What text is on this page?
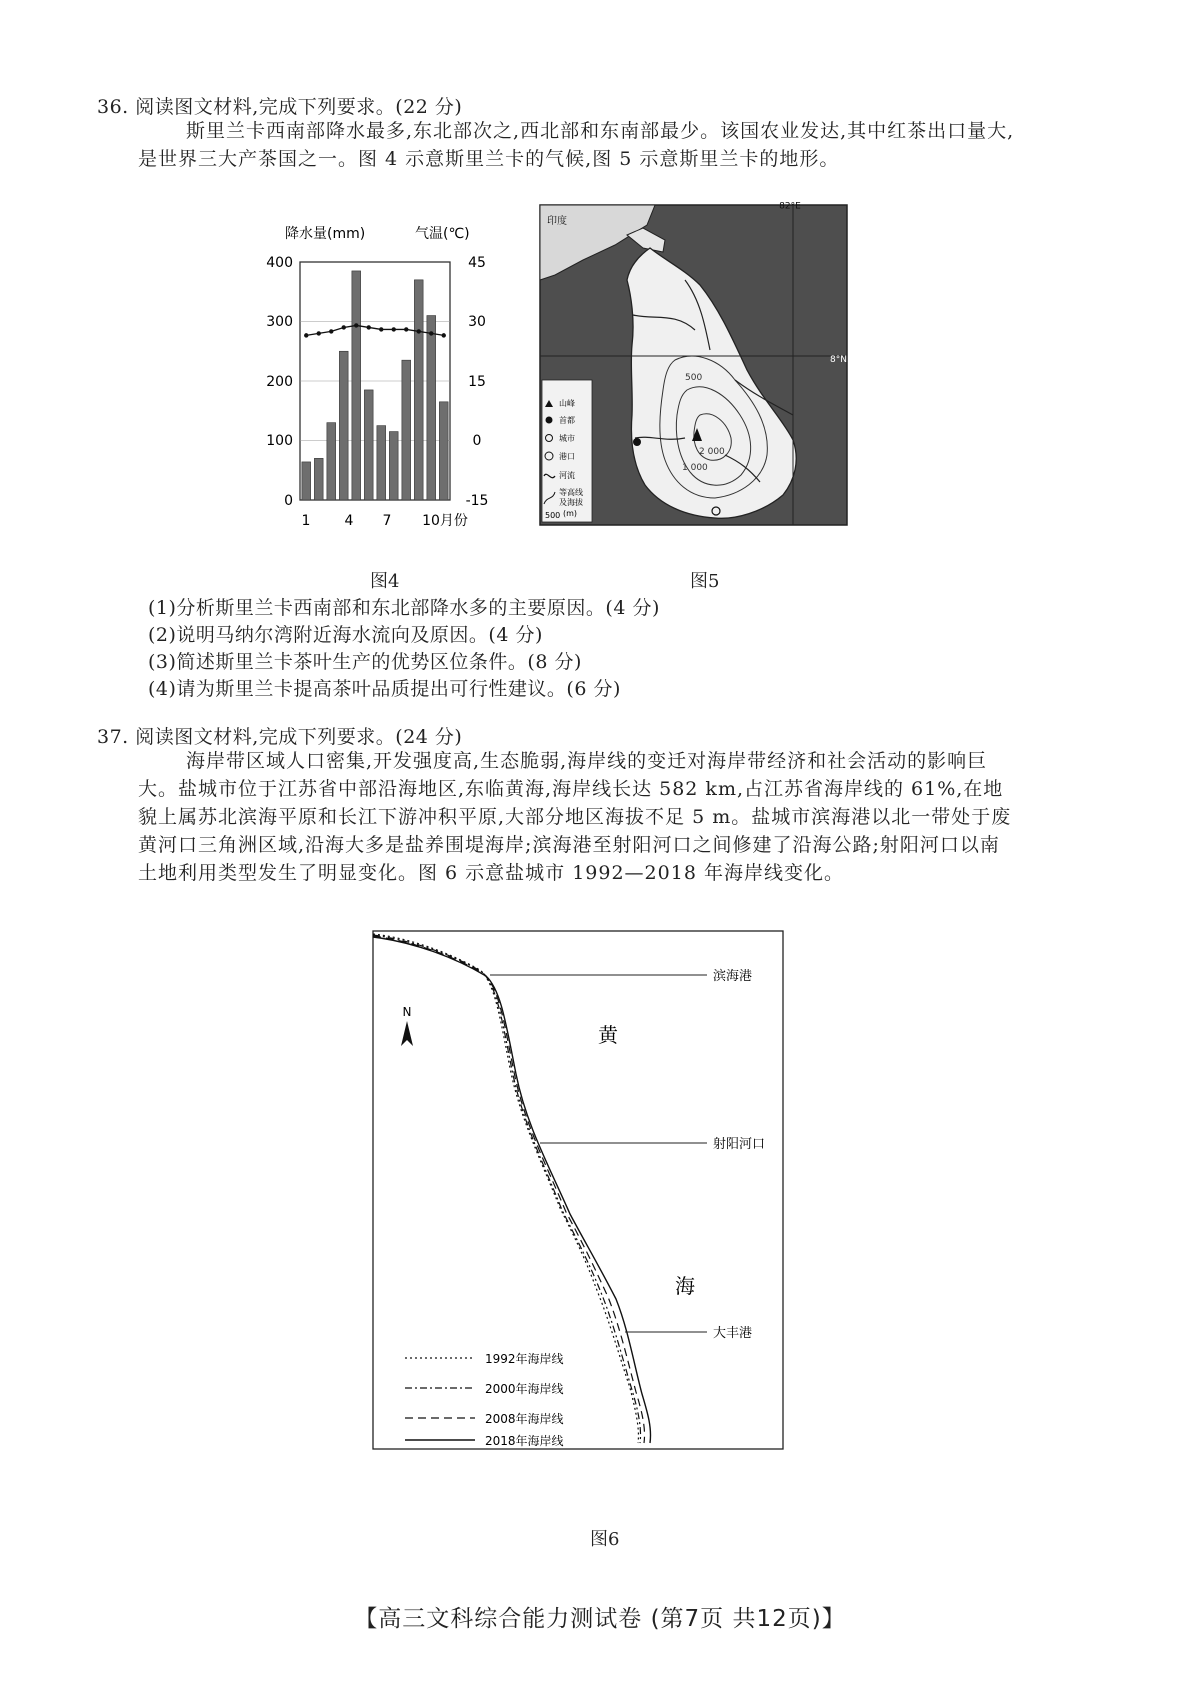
36. 阅读图文材料,完成下列要求。(22 分)
斯里兰卡西南部降水最多,东北部次之,西北部和东南部最少。该国农业发达,其中红茶出口量大,是世界三大产茶国之一。图 4 示意斯里兰卡的气候,图 5 示意斯里兰卡的地形。
降水量(mm)	气温(℃)
400
300
200
100
0
45
30
15
0
-15
1 4 7 10月份
图4
82°E
8°N
印度
500
1 000
2 000
山峰
首都
城市
港口
河流
等高线
及海拔
(m)
500
图5
(1)分析斯里兰卡西南部和东北部降水多的主要原因。(4 分)
(2)说明马纳尔湾附近海水流向及原因。(4 分)
(3)简述斯里兰卡茶叶生产的优势区位条件。(8 分)
(4)请为斯里兰卡提高茶叶品质提出可行性建议。(6 分)
37. 阅读图文材料,完成下列要求。(24 分)
海岸带区域人口密集,开发强度高,生态脆弱,海岸线的变迁对海岸带经济和社会活动的影响巨大。盐城市位于江苏省中部沿海地区,东临黄海,海岸线长达 582 km,占江苏省海岸线的 61%,在地貌上属苏北滨海平原和长江下游冲积平原,大部分地区海拔不足 5 m。盐城市滨海港以北一带处于废黄河口三角洲区域,沿海大多是盐养围堤海岸;滨海港至射阳河口之间修建了沿海公路;射阳河口以南土地利用类型发生了明显变化。图 6 示意盐城市 1992—2018 年海岸线变化。
N
黄
海
滨海港
射阳河口
大丰港
1992年海岸线
2000年海岸线
2008年海岸线
2018年海岸线
图6
【高三文科综合能力测试卷 (第7页 共12页)】
